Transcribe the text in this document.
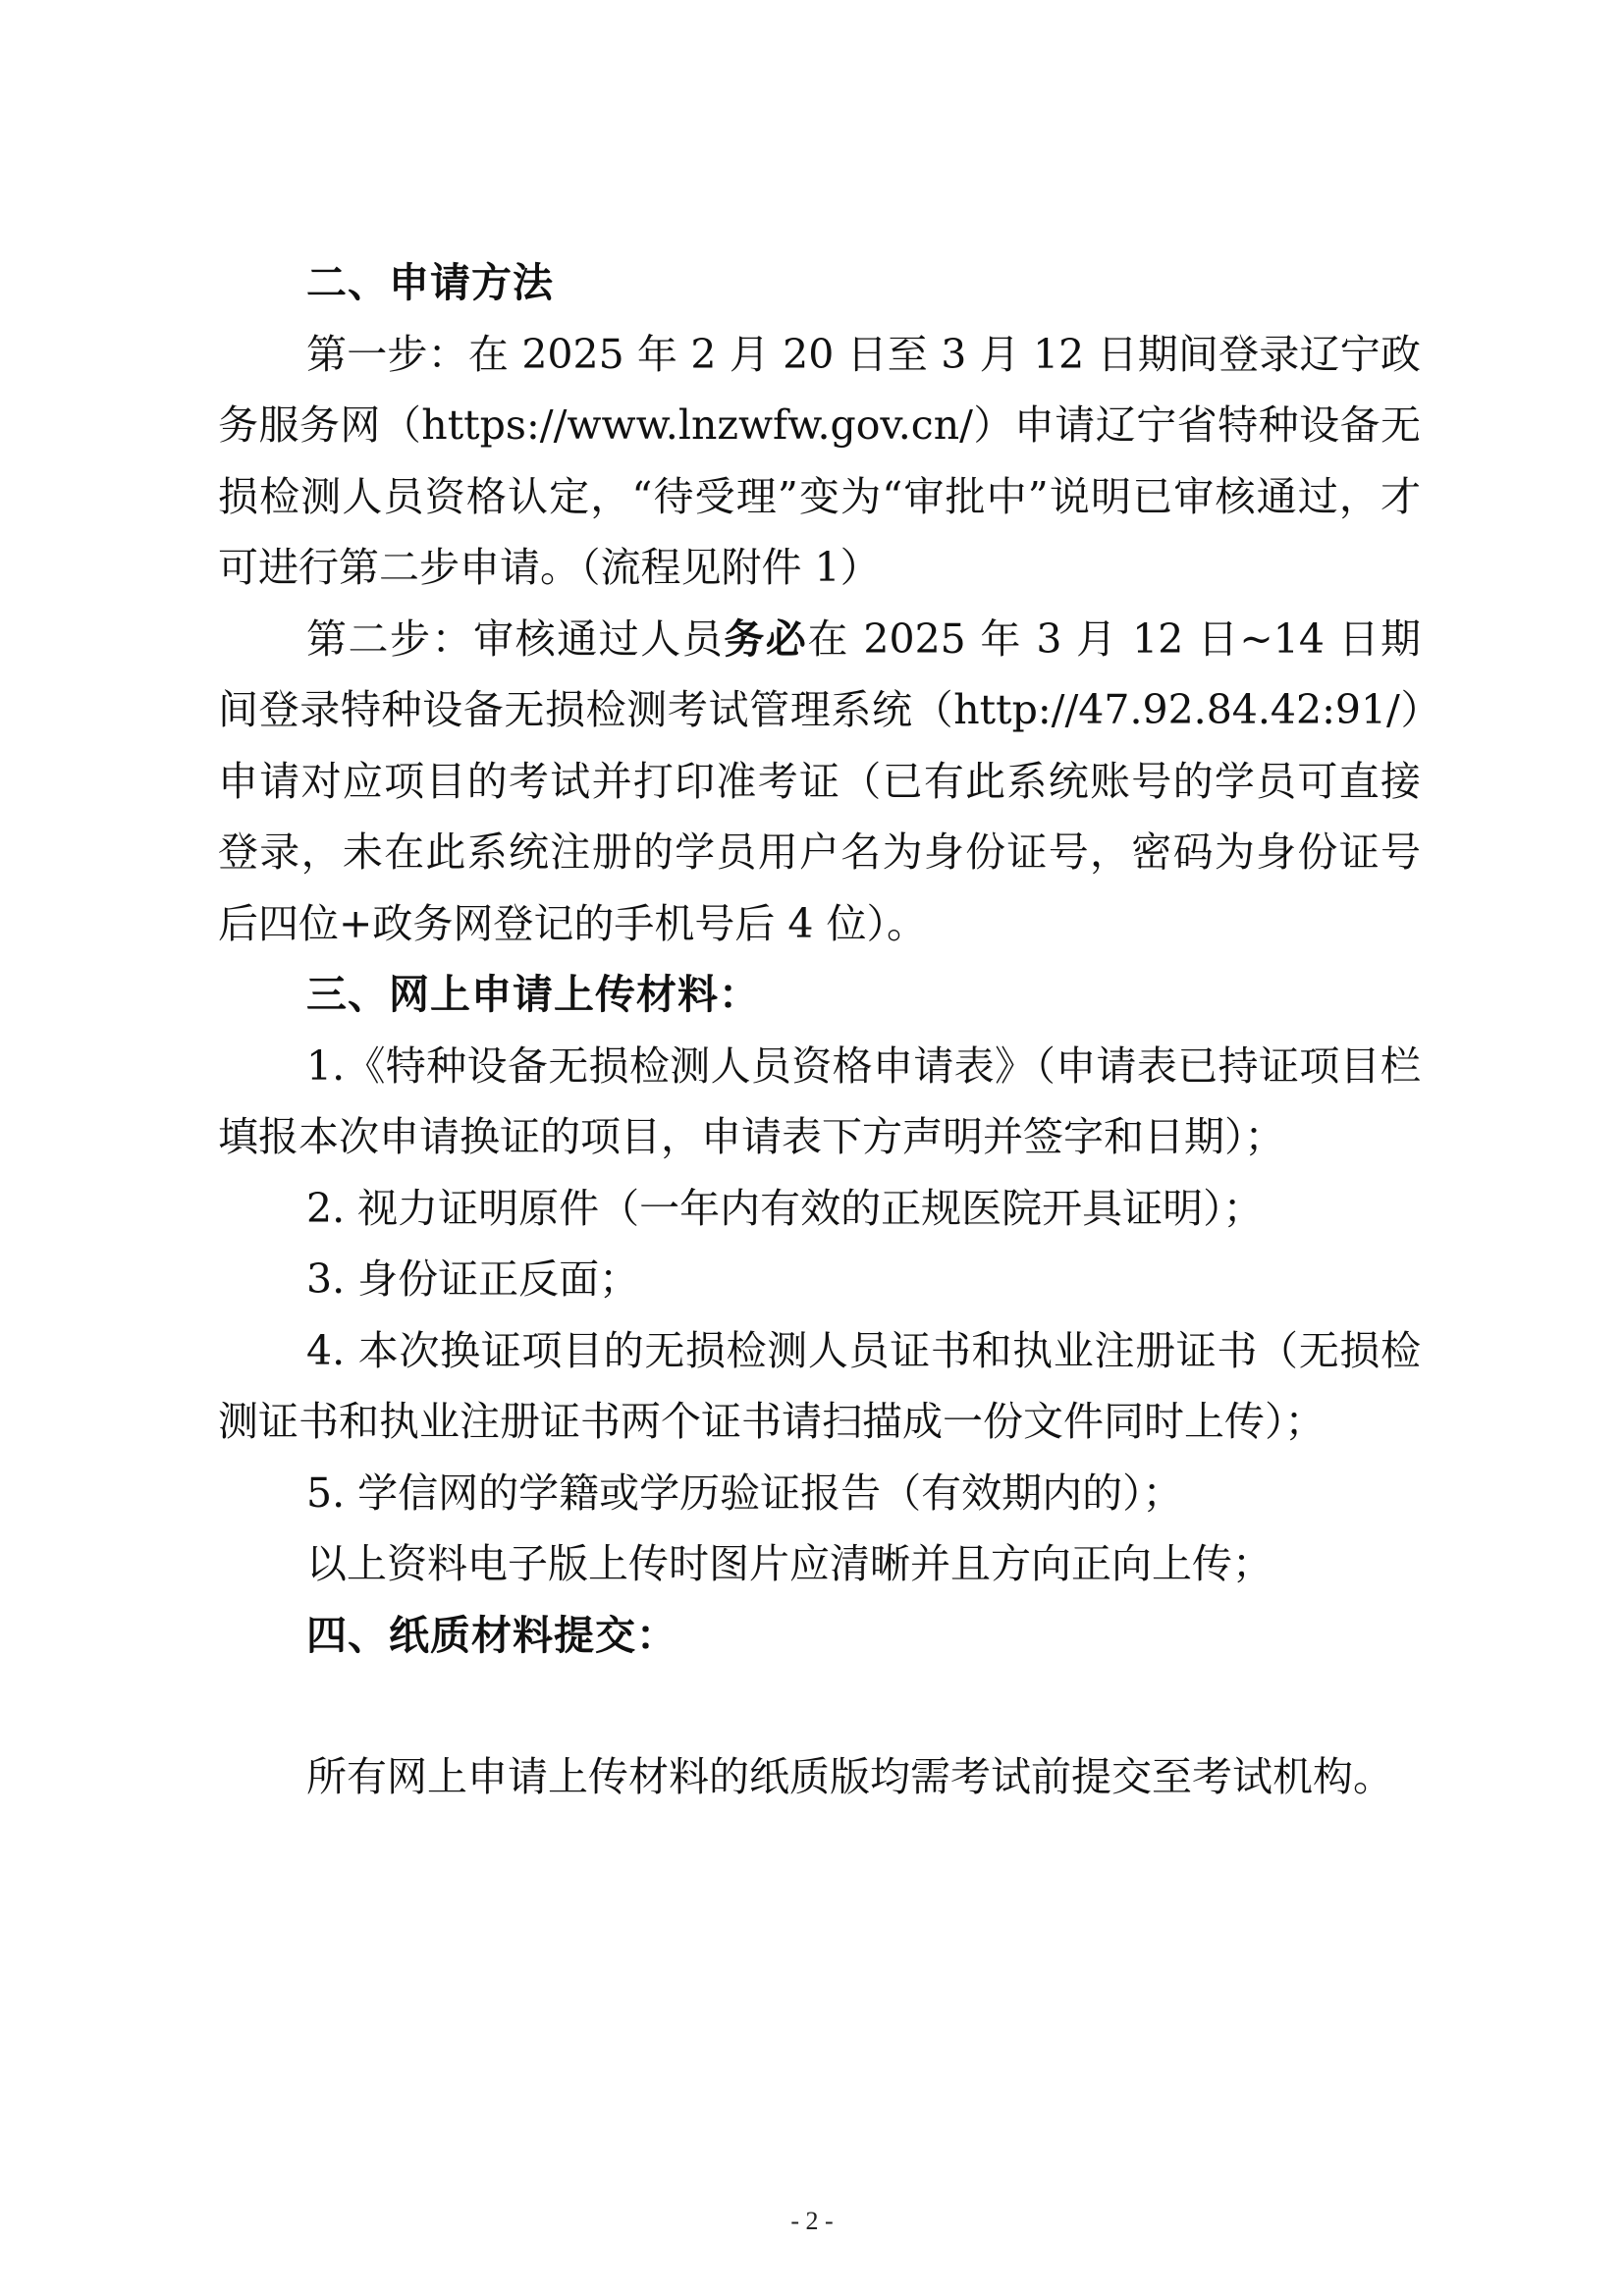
二、申请方法

第一步：在 2025 年 2 月 20 日至 3 月 12 日期间登录辽宁政务服务网（https://www.lnzwfw.gov.cn/）申请辽宁省特种设备无损检测人员资格认定，“待受理”变为“审批中”说明已审核通过，才可进行第二步申请。（流程见附件 1）

第二步：审核通过人员务必在 2025 年 3 月 12 日~14 日期间登录特种设备无损检测考试管理系统（http://47.92.84.42:91/）申请对应项目的考试并打印准考证（已有此系统账号的学员可直接登录，未在此系统注册的学员用户名为身份证号，密码为身份证号后四位+政务网登记的手机号后 4 位）。

三、网上申请上传材料：

1.《特种设备无损检测人员资格申请表》（申请表已持证项目栏填报本次申请换证的项目，申请表下方声明并签字和日期）；

2. 视力证明原件（一年内有效的正规医院开具证明）；

3. 身份证正反面；

4. 本次换证项目的无损检测人员证书和执业注册证书（无损检测证书和执业注册证书两个证书请扫描成一份文件同时上传）；

5. 学信网的学籍或学历验证报告（有效期内的）；

以上资料电子版上传时图片应清晰并且方向正向上传；

四、纸质材料提交：

所有网上申请上传材料的纸质版均需考试前提交至考试机构。

- 2 -
